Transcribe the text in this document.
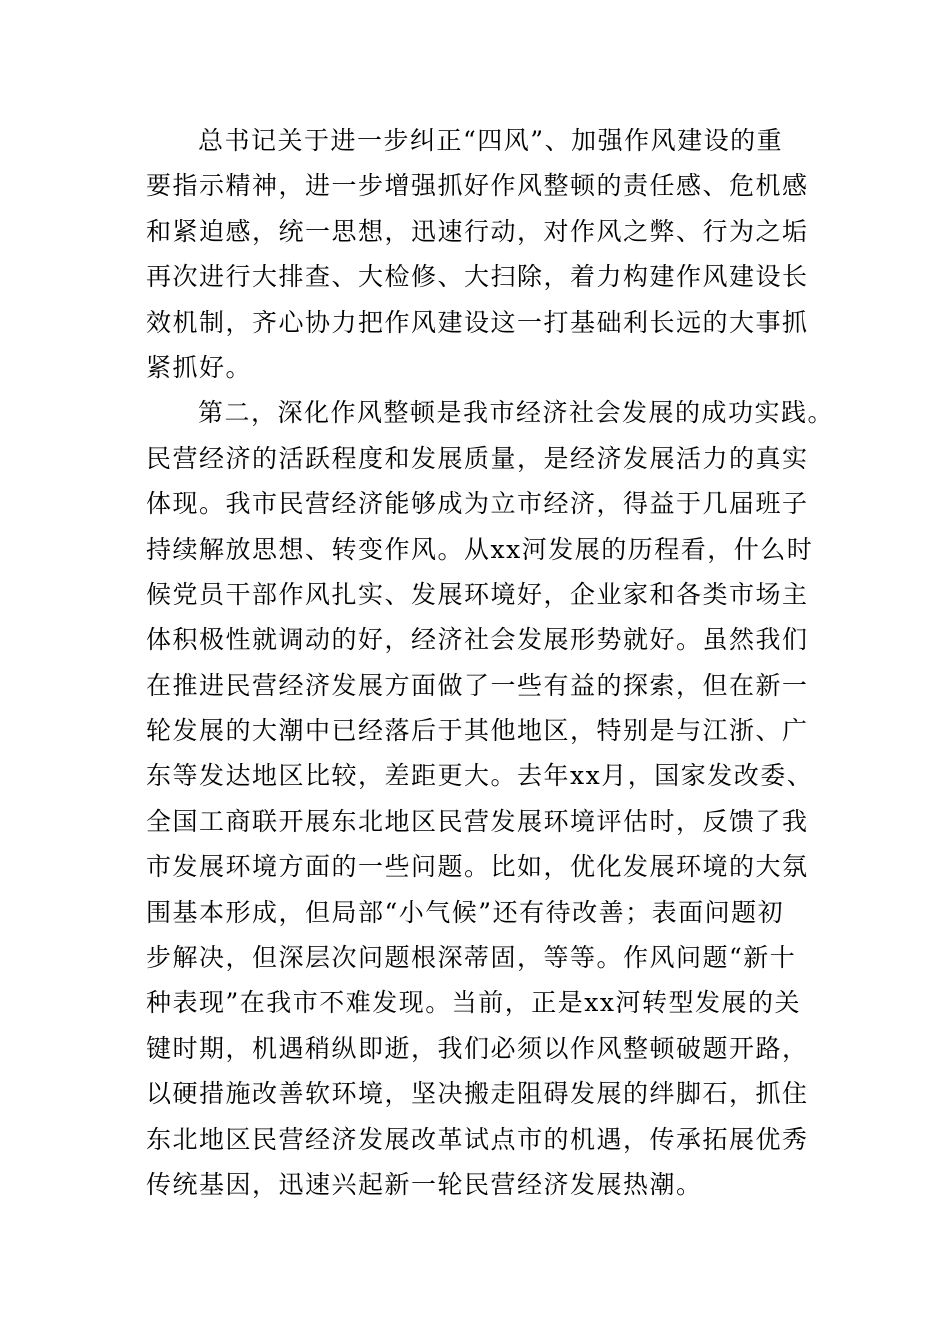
总书记关于进一步纠正“四风”、加强作风建设的重
要指示精神，进一步增强抓好作风整顿的责任感、危机感
和紧迫感，统一思想，迅速行动，对作风之弊、行为之垢
再次进行大排查、大检修、大扫除，着力构建作风建设长
效机制，齐心协力把作风建设这一打基础利长远的大事抓
紧抓好。
第二，深化作风整顿是我市经济社会发展的成功实践。
民营经济的活跃程度和发展质量，是经济发展活力的真实
体现。我市民营经济能够成为立市经济，得益于几届班子
持续解放思想、转变作风。从xx河发展的历程看，什么时
候党员干部作风扎实、发展环境好，企业家和各类市场主
体积极性就调动的好，经济社会发展形势就好。虽然我们
在推进民营经济发展方面做了一些有益的探索，但在新一
轮发展的大潮中已经落后于其他地区，特别是与江浙、广
东等发达地区比较，差距更大。去年xx月，国家发改委、
全国工商联开展东北地区民营发展环境评估时，反馈了我
市发展环境方面的一些问题。比如，优化发展环境的大氛
围基本形成，但局部“小气候”还有待改善；表面问题初
步解决，但深层次问题根深蒂固，等等。作风问题“新十
种表现”在我市不难发现。当前，正是xx河转型发展的关
键时期，机遇稍纵即逝，我们必须以作风整顿破题开路，
以硬措施改善软环境，坚决搬走阻碍发展的绊脚石，抓住
东北地区民营经济发展改革试点市的机遇，传承拓展优秀
传统基因，迅速兴起新一轮民营经济发展热潮。
